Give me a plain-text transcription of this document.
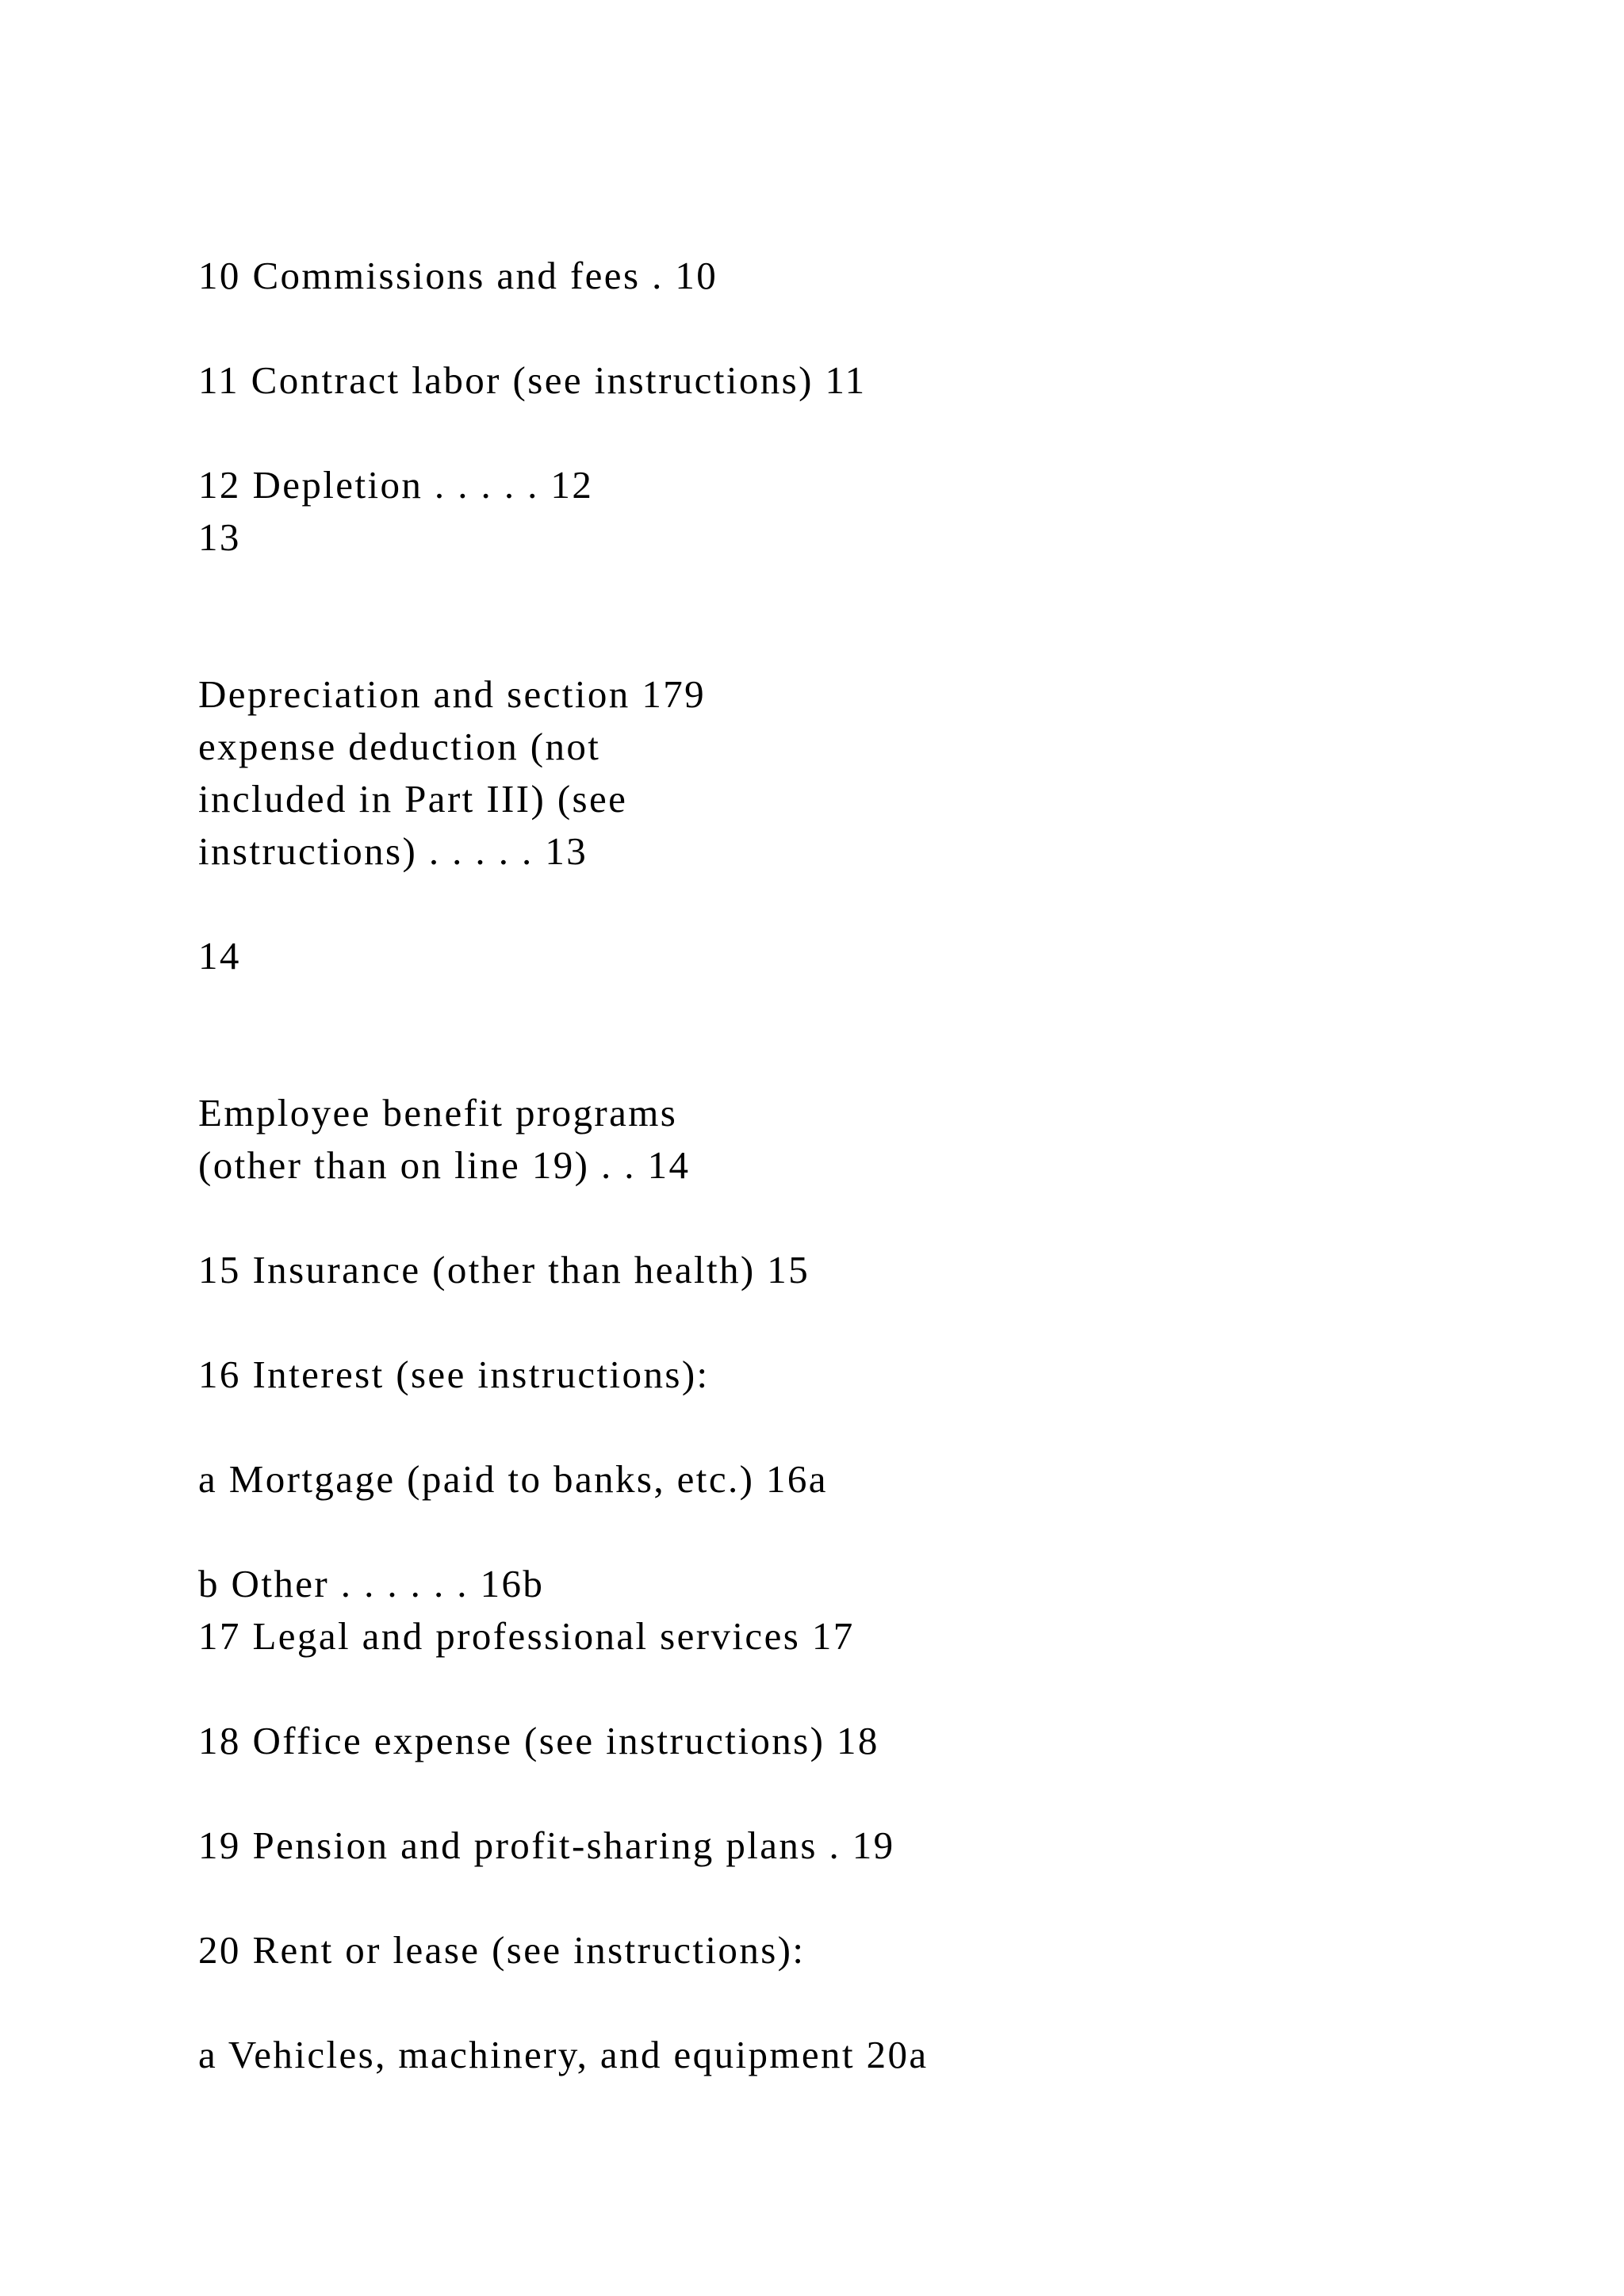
10 Commissions and fees . 10

11 Contract labor (see instructions) 11

12 Depletion . . . . . 12

13

Depreciation and section 179

expense deduction (not

included in Part III) (see

instructions) . . . . . 13

14

Employee benefit programs

(other than on line 19) . . 14

15 Insurance (other than health) 15

16 Interest (see instructions):

a Mortgage (paid to banks, etc.) 16a

b Other . . . . . . 16b

17 Legal and professional services 17

18 Office expense (see instructions) 18

19 Pension and profit-sharing plans . 19

20 Rent or lease (see instructions):

a Vehicles, machinery, and equipment 20a
